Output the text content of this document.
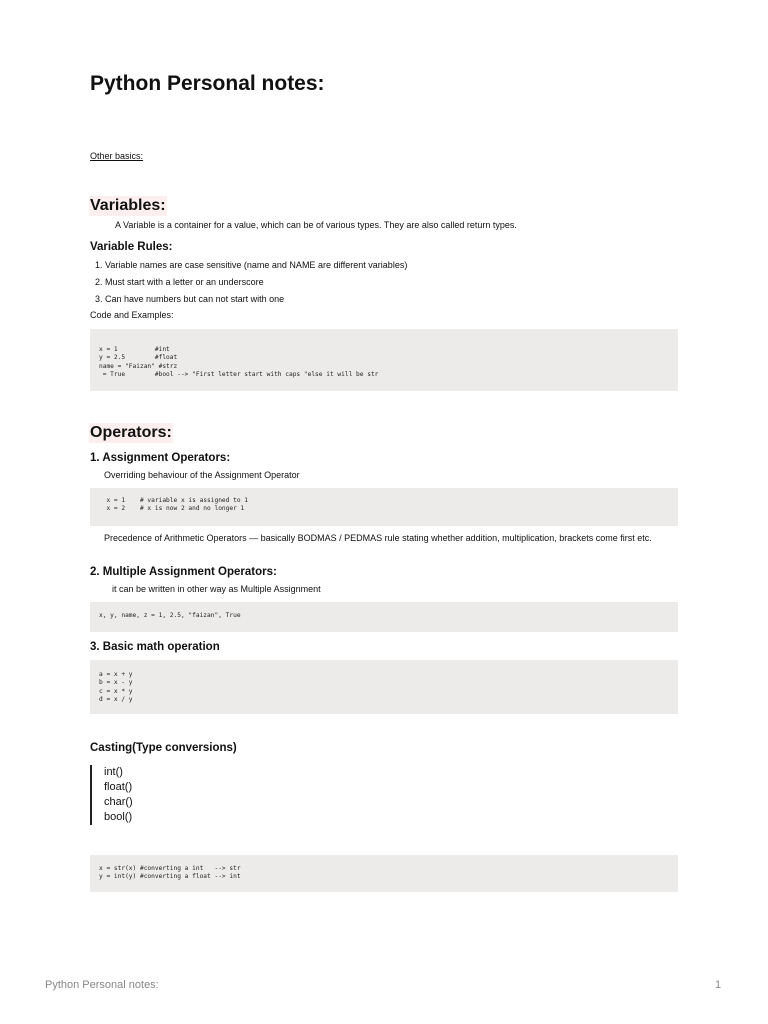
Python Personal notes:
Other basics:
Variables:

A Variable is a container for a value, which can be of various types. They are also called return types.

Variable Rules:
1. Variable names are case sensitive (name and NAME are different variables)
2. Must start with a letter or an underscore
3. Can have numbers but can not start with one

Code and Examples:

x = 1          #int
y = 2.5        #float
name = "Faizan" #strz
= True        #bool --> "First letter start with caps "else it will be str
Operators:
1. Assignment Operators:

Overriding behaviour of the Assignment Operator

x = 1    # variable x is assigned to 1
x = 2    # x is now 2 and no longer 1

Precedence of Arithmetic Operators — basically BODMAS / PEDMAS rule stating whether addition, multiplication, brackets come first etc.

2. Multiple Assignment Operators:

it can be written in other way as Multiple Assignment

x, y, name, z = 1, 2.5, "faizan", True
3. Basic math operation
a = x + y
b = x - y
c = x * y
d = x / y
Casting(Type conversions)
int()
float()
char()
bool()
x = str(x) #converting a int   --> str
y = int(y) #converting a float --> int
Python Personal notes:	1
